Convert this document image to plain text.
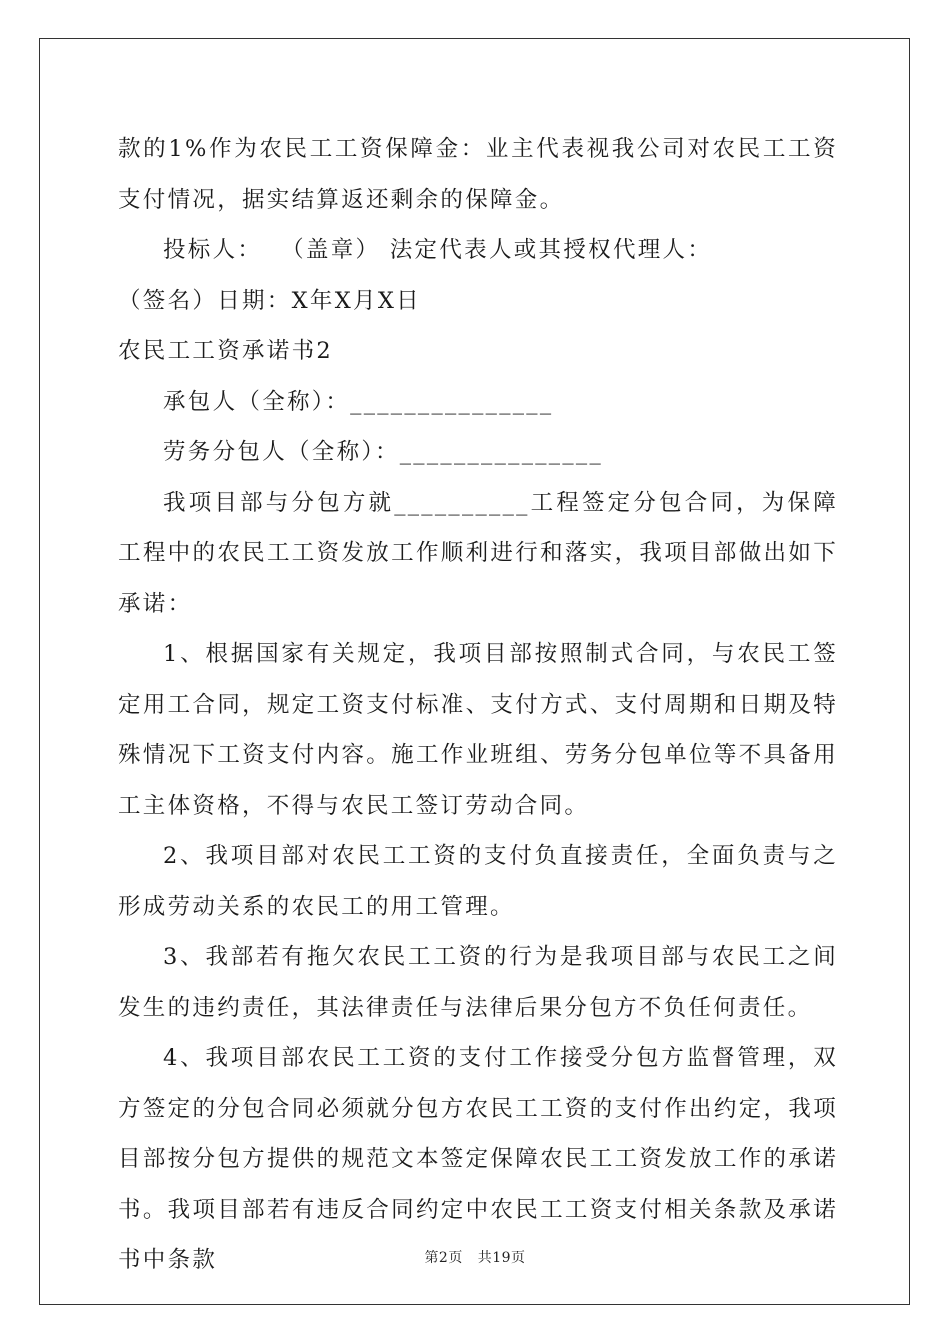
款的1%作为农民工工资保障金：业主代表视我公司对农民工工资支付情况，据实结算返还剩余的保障金。

投标人：  （盖章） 法定代表人或其授权代理人：

（签名）日期：X年X月X日

农民工工资承诺书2

承包人（全称）：_______________

劳务分包人（全称）：_______________

我项目部与分包方就__________工程签定分包合同，为保障工程中的农民工工资发放工作顺利进行和落实，我项目部做出如下承诺：

1、根据国家有关规定，我项目部按照制式合同，与农民工签定用工合同，规定工资支付标准、支付方式、支付周期和日期及特殊情况下工资支付内容。施工作业班组、劳务分包单位等不具备用工主体资格，不得与农民工签订劳动合同。

2、我项目部对农民工工资的支付负直接责任，全面负责与之形成劳动关系的农民工的用工管理。

3、我部若有拖欠农民工工资的行为是我项目部与农民工之间发生的违约责任，其法律责任与法律后果分包方不负任何责任。

4、我项目部农民工工资的支付工作接受分包方监督管理，双方签定的分包合同必须就分包方农民工工资的支付作出约定，我项目部按分包方提供的规范文本签定保障农民工工资发放工作的承诺书。我项目部若有违反合同约定中农民工工资支付相关条款及承诺书中条款	第2页 共19页
